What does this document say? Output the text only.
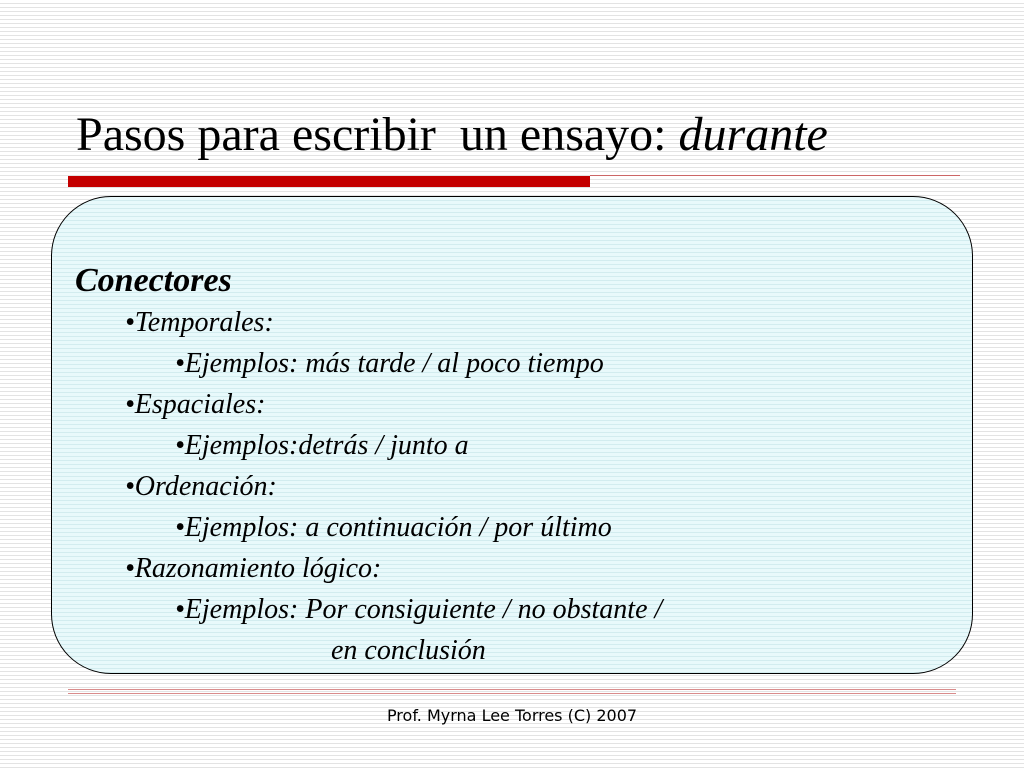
Pasos para escribir  un ensayo: durante
Conectores
•Temporales:
•Ejemplos: más tarde / al poco tiempo
•Espaciales:
•Ejemplos:detrás / junto a
•Ordenación:
•Ejemplos: a continuación / por último
•Razonamiento lógico:
•Ejemplos: Por consiguiente / no obstante /
en conclusión
Prof. Myrna Lee Torres (C) 2007
